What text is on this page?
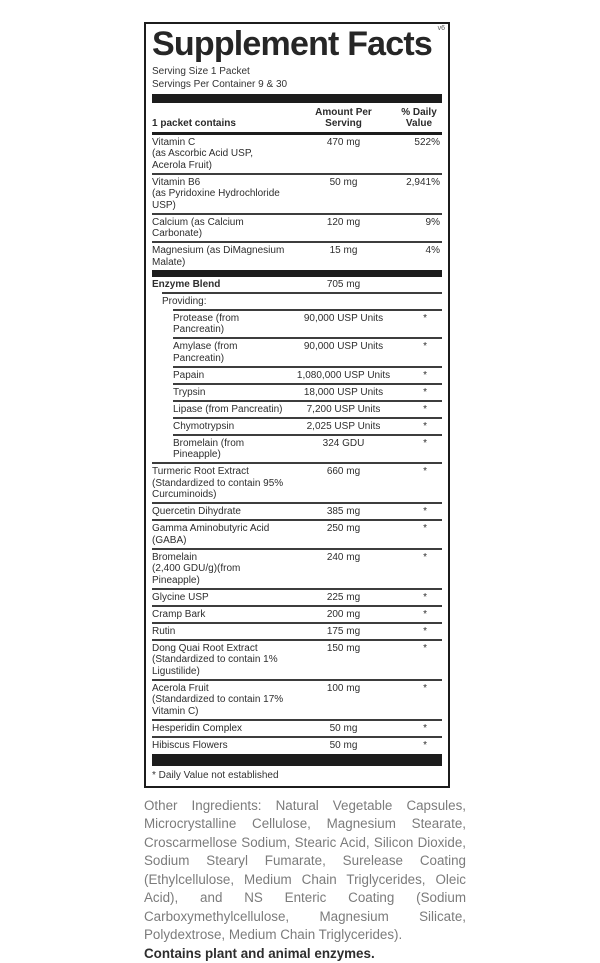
Supplement Facts v6
Serving Size 1 Packet
Servings Per Container 9 & 30
1 packet contains
Amount Per Serving
% Daily Value
Vitamin C
(as Ascorbic Acid USP, Acerola Fruit)
470 mg	522%
Vitamin B6
(as Pyridoxine Hydrochloride USP)
50 mg	2,941%
Calcium (as Calcium Carbonate)
120 mg	9%
Magnesium (as DiMagnesium Malate)
15 mg	4%
Enzyme Blend	705 mg
Providing:
Protease (from Pancreatin)
90,000 USP Units	*
Amylase (from Pancreatin)
90,000 USP Units	*
Papain	1,080,000 USP Units	*
Trypsin	18,000 USP Units	*
Lipase (from Pancreatin)	7,200 USP Units	*
Chymotrypsin	2,025 USP Units	*
Bromelain (from Pineapple)
324 GDU	*
Turmeric Root Extract
(Standardized to contain 95% Curcuminoids)
660 mg	*
Quercetin Dihydrate	385 mg	*
Gamma Aminobutyric Acid (GABA)
250 mg	*
Bromelain
(2,400 GDU/g)(from Pineapple)
240 mg	*
Glycine USP	225 mg	*
Cramp Bark	200 mg	*
Rutin	175 mg	*
Dong Quai Root Extract
(Standardized to contain 1% Ligustilide)
150 mg	*
Acerola Fruit
(Standardized to contain 17% Vitamin C)
100 mg	*
Hesperidin Complex	50 mg	*
Hibiscus Flowers	50 mg	*
* Daily Value not established
Other Ingredients: Natural Vegetable Capsules, Microcrystalline Cellulose, Magnesium Stearate, Croscarmellose Sodium, Stearic Acid, Silicon Dioxide, Sodium Stearyl Fumarate, Surelease Coating (Ethylcellulose, Medium Chain Triglycerides, Oleic Acid), and NS Enteric Coating (Sodium Carboxymethylcellulose, Magnesium Silicate, Polydextrose, Medium Chain Triglycerides).
Contains plant and animal enzymes.
